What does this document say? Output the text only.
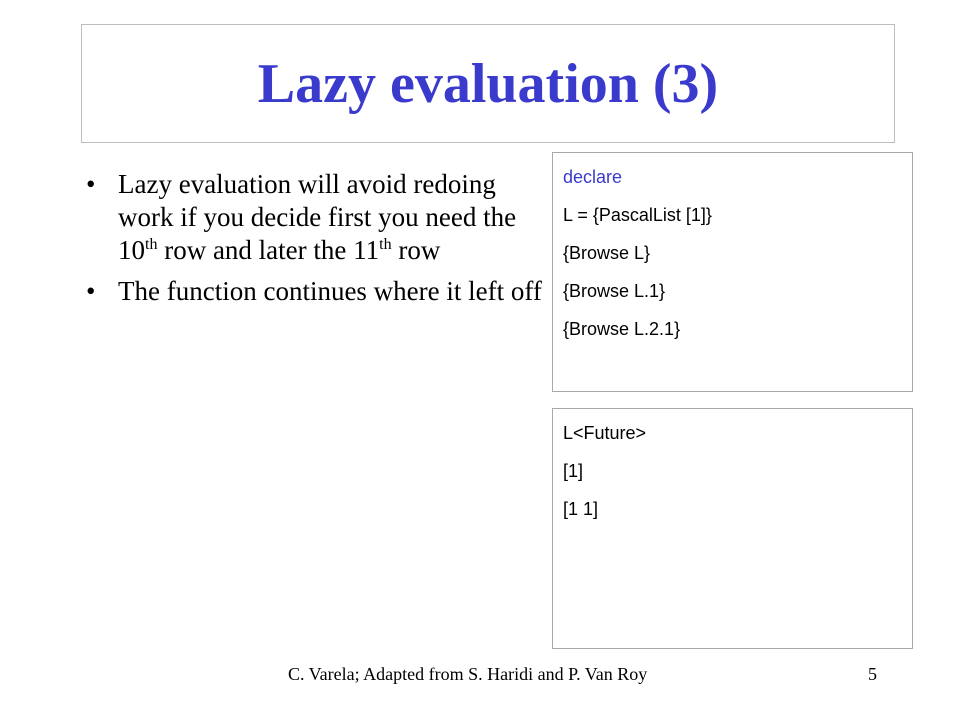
Lazy evaluation (3)
• Lazy evaluation will avoid redoing work if you decide first you need the 10th row and later the 11th row
• The function continues where it left off
declare
L = {PascalList [1]}
{Browse L}
{Browse L.1}
{Browse L.2.1}
L<Future>
[1]
[1 1]
C. Varela; Adapted from S. Haridi and P. Van Roy	5
